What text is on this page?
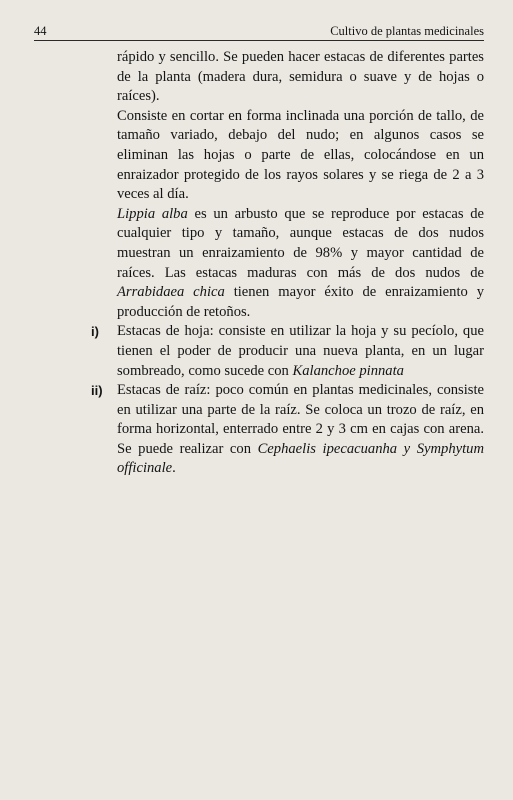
44	Cultivo de plantas medicinales

rápido y sencillo. Se pueden hacer estacas de diferentes partes de la planta (madera dura, semidura o suave y de hojas o raíces).

Consiste en cortar en forma inclinada una porción de tallo, de tamaño variado, debajo del nudo; en algunos casos se eliminan las hojas o parte de ellas, colocándose en un enraizador protegido de los rayos solares y se riega de 2 a 3 veces al día.

Lippia alba es un arbusto que se reproduce por estacas de cualquier tipo y tamaño, aunque estacas de dos nudos muestran un enraizamiento de 98% y mayor cantidad de raíces. Las estacas maduras con más de dos nudos de Arrabidaea chica tienen mayor éxito de enraizamiento y producción de retoños.

i) Estacas de hoja: consiste en utilizar la hoja y su pecíolo, que tienen el poder de producir una nueva planta, en un lugar sombreado, como sucede con Kalanchoe pinnata
ii) Estacas de raíz: poco común en plantas medicinales, consiste en utilizar una parte de la raíz. Se coloca un trozo de raíz, en forma horizontal, enterrado entre 2 y 3 cm en cajas con arena. Se puede realizar con Cephaelis ipecacuanha y Symphytum officinale.
